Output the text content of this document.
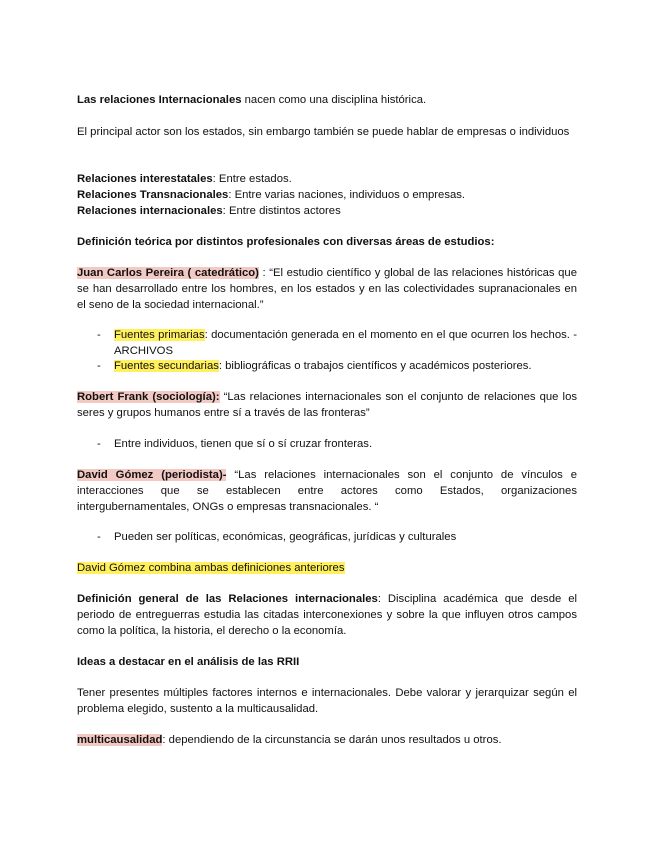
Las relaciones Internacionales nacen como una disciplina histórica.

El principal actor son los estados, sin embargo también se puede hablar de empresas o individuos

Relaciones interestatales: Entre estados.

Relaciones Transnacionales: Entre varias naciones, individuos o empresas.

Relaciones internacionales: Entre distintos actores

Definición teórica por distintos profesionales con diversas áreas de estudios:

Juan Carlos Pereira ( catedrático) : “El estudio científico y global de las relaciones históricas que se han desarrollado entre los hombres, en los estados y en las colectividades supranacionales en el seno de la sociedad internacional.”

- Fuentes primarias: documentación generada en el momento en el que ocurren los hechos. - ARCHIVOS
- Fuentes secundarias: bibliográficas o trabajos científicos y académicos posteriores.

Robert Frank (sociología): “Las relaciones internacionales son el conjunto de relaciones que los seres y grupos humanos entre sí a través de las fronteras”

- Entre individuos, tienen que sí o sí cruzar fronteras.

David Gómez (periodista)- “Las relaciones internacionales son el conjunto de vínculos e interacciones que se establecen entre actores como Estados, organizaciones intergubernamentales, ONGs o empresas transnacionales. “

- Pueden ser políticas, económicas, geográficas, jurídicas y culturales

David Gómez combina ambas definiciones anteriores

Definición general de las Relaciones internacionales: Disciplina académica que desde el periodo de entreguerras estudia las citadas interconexiones y sobre la que influyen otros campos como la política, la historia, el derecho o la economía.

Ideas a destacar en el análisis de las RRII

Tener presentes múltiples factores internos e internacionales. Debe valorar y jerarquizar según el problema elegido, sustento a la multicausalidad.

multicausalidad: dependiendo de la circunstancia se darán unos resultados u otros.
